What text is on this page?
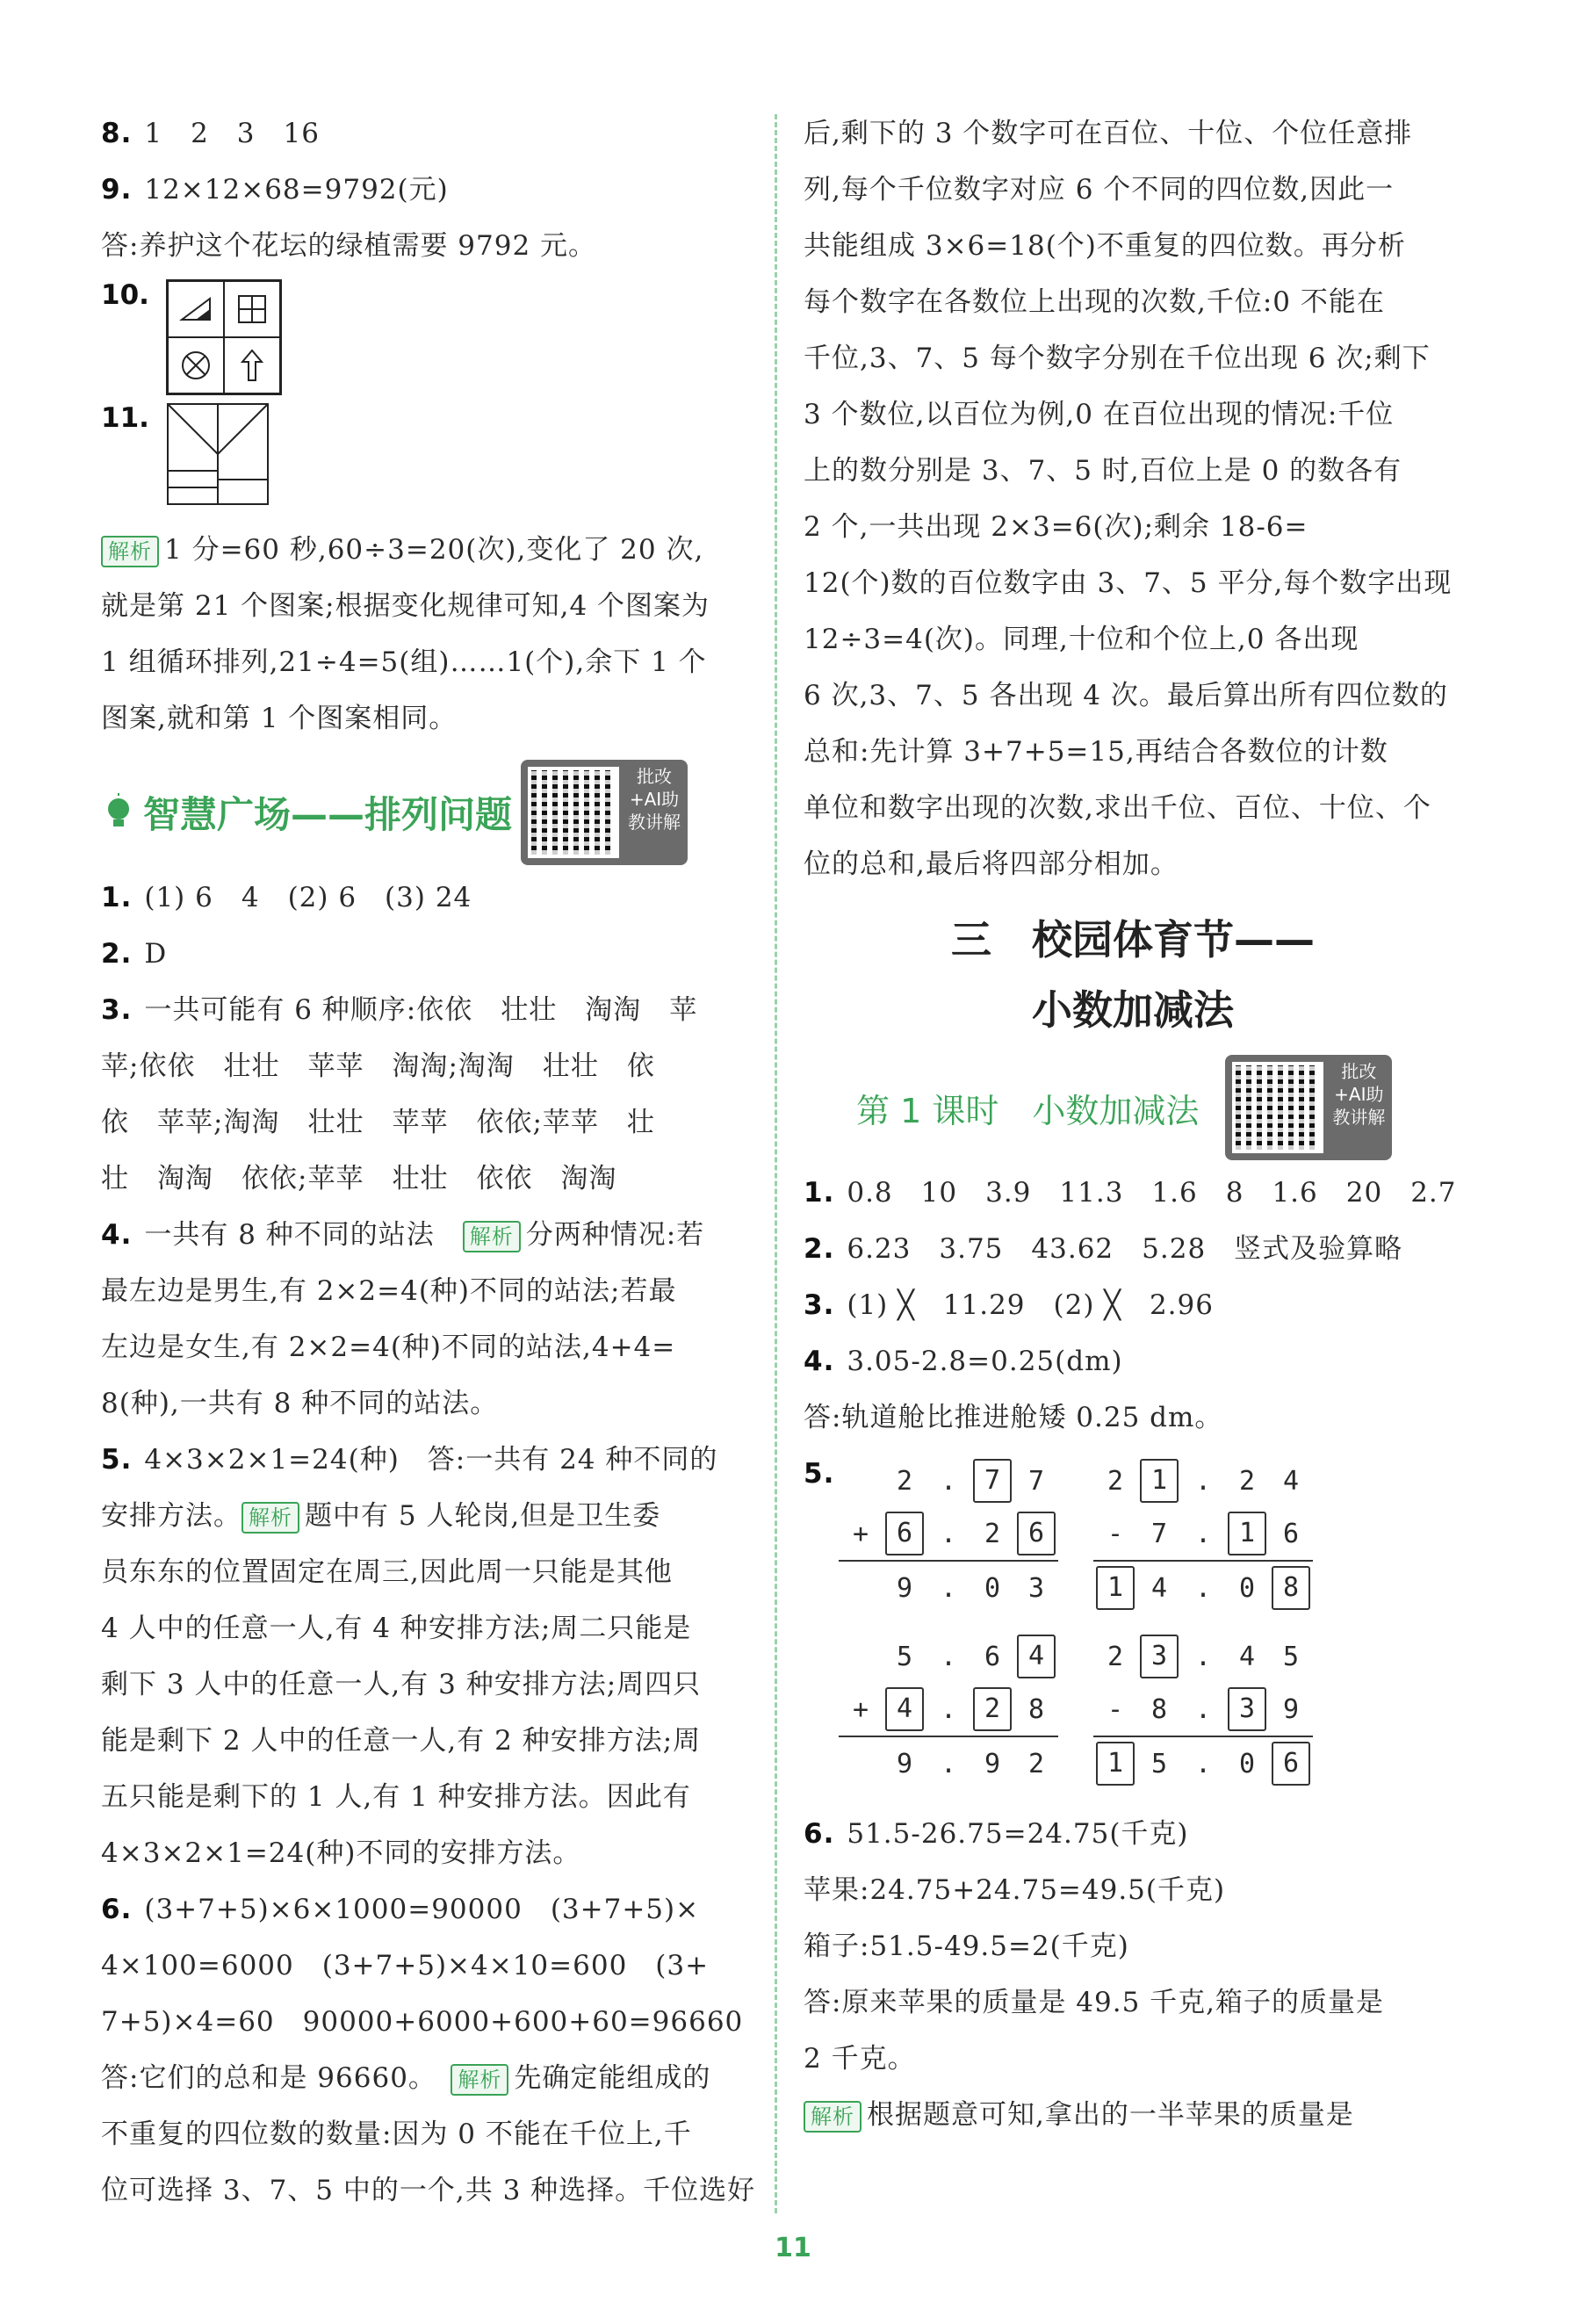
8. 1　2　3　16
9. 12×12×68=9792(元)
答:养护这个花坛的绿植需要 9792 元。
10.
11.
解析 1 分=60 秒,60÷3=20(次),变化了 20 次,
就是第 21 个图案;根据变化规律可知,4 个图案为
1 组循环排列,21÷4=5(组)……1(个),余下 1 个
图案,就和第 1 个图案相同。
智慧广场——排列问题
批改+AI助教讲解
1. (1) 6　4　(2) 6　(3) 24
2. D
3. 一共可能有 6 种顺序:依依　壮壮　淘淘　苹
苹;依依　壮壮　苹苹　淘淘;淘淘　壮壮　依
依　苹苹;淘淘　壮壮　苹苹　依依;苹苹　壮
壮　淘淘　依依;苹苹　壮壮　依依　淘淘
4. 一共有 8 种不同的站法　 解析 分两种情况:若
最左边是男生,有 2×2=4(种)不同的站法;若最
左边是女生,有 2×2=4(种)不同的站法,4+4=
8(种),一共有 8 种不同的站法。
5. 4×3×2×1=24(种)　答:一共有 24 种不同的
安排方法。 解析 题中有 5 人轮岗,但是卫生委
员东东的位置固定在周三,因此周一只能是其他
4 人中的任意一人,有 4 种安排方法;周二只能是
剩下 3 人中的任意一人,有 3 种安排方法;周四只
能是剩下 2 人中的任意一人,有 2 种安排方法;周
五只能是剩下的 1 人,有 1 种安排方法。因此有
4×3×2×1=24(种)不同的安排方法。
6. (3+7+5)×6×1000=90000　(3+7+5)×
4×100=6000　(3+7+5)×4×10=600　(3+
7+5)×4=60　90000+6000+600+60=96660
答:它们的总和是 96660。　 解析 先确定能组成的
不重复的四位数的数量:因为 0 不能在千位上,千
位可选择 3、7、5 中的一个,共 3 种选择。千位选好
后,剩下的 3 个数字可在百位、十位、个位任意排
列,每个千位数字对应 6 个不同的四位数,因此一
共能组成 3×6=18(个)不重复的四位数。再分析
每个数字在各数位上出现的次数,千位:0 不能在
千位,3、7、5 每个数字分别在千位出现 6 次;剩下
3 个数位,以百位为例,0 在百位出现的情况:千位
上的数分别是 3、7、5 时,百位上是 0 的数各有
2 个,一共出现 2×3=6(次);剩余 18-6=
12(个)数的百位数字由 3、7、5 平分,每个数字出现
12÷3=4(次)。同理,十位和个位上,0 各出现
6 次,3、7、5 各出现 4 次。最后算出所有四位数的
总和:先计算 3+7+5=15,再结合各数位的计数
单位和数字出现的次数,求出千位、百位、十位、个
位的总和,最后将四部分相加。
三　校园体育节——
小数加减法
第 1 课时　小数加减法
批改+AI助教讲解
1. 0.8　10　3.9　11.3　1.6　8　1.6　20　2.7
2. 6.23　3.75　43.62　5.28　竖式及验算略
3. (1) ╳　11.29　(2) ╳　2.96
4. 3.05-2.8=0.25(dm)
答:轨道舱比推进舱矮 0.25 dm。
5.	2	.	7	7
+	6	.	2	6
9	.	0	3
2	1	.	2	4
-	7	.	1	6
1	4	.	0	8
5	.	6	4
+	4	.	2	8
9	.	9	2
2	3	.	4	5
-	8	.	3	9
1	5	.	0	6
6. 51.5-26.75=24.75(千克)
苹果:24.75+24.75=49.5(千克)
箱子:51.5-49.5=2(千克)
答:原来苹果的质量是 49.5 千克,箱子的质量是
2 千克。
解析 根据题意可知,拿出的一半苹果的质量是
11
